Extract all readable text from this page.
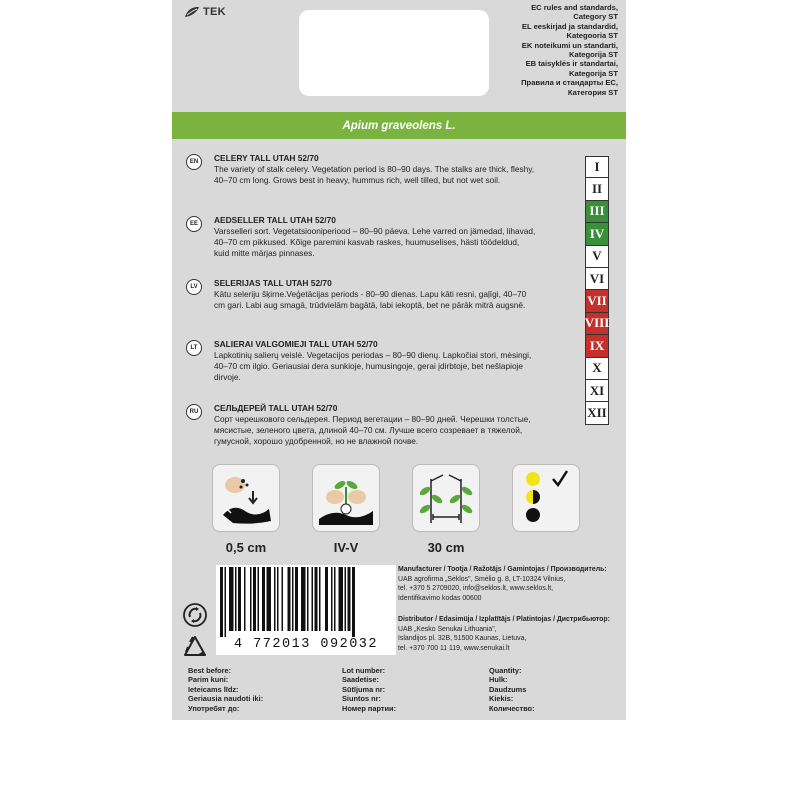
TEK	EC rules and standards,
Category ST
EL eeskirjad ja standardid,
Kategooria ST
EK noteikumi un standarti,
Kategorija ST
EB taisyklės ir standartai,
Kategorija ST
Правила и стандарты ЕС,
Категория ST
Apium graveolens L.
EN	CELERY TALL UTAH 52/70
The variety of stalk celery. Vegetation period is 80–90 days. The stalks are thick, fleshy,
40–70 cm long. Grows best in heavy, hummus rich, well tilled, but not wet soil.
EE	AEDSELLER TALL UTAH 52/70
Varsselleri sort. Vegetatsiooniperiood – 80–90 päeva. Lehe varred on jämedad, lihavad,
40–70 cm pikkused. Kõige paremini kasvab raskes, huumuselises, hästi töödeldud,
kuid mitte märjas pinnases.
LV	SELERIJAS TALL UTAH 52/70
Kātu seleriju šķirne.Veģetācijas periods - 80–90 dienas. Lapu kāti resni, gaļīgi, 40–70
cm gari. Labi aug smagā, trūdvielām bagātā, labi iekoptā, bet ne pārāk mitrā augsnē.
LT	SALIERAI VALGOMIEJI TALL UTAH 52/70
Lapkotinių salierų veislė. Vegetacijos periodas – 80–90 dienų. Lapkočiai stori, mėsingi,
40–70 cm ilgio. Geriausiai dera sunkioje, humusingoje, gerai įdirbtoje, bet nešlapioje
dirvoje.
RU	СЕЛЬДЕРЕЙ TALL UTAH 52/70
Сорт черешкового сельдерея. Период вегетации – 80–90 дней. Черешки толстые,
мясистые, зеленого цвета, длиной 40–70 см. Лучше всего созревает в тяжелой,
гумусной, хорошо удобренной, но не влажной почве.
I
II
III
IV
V
VI
VII
VIII
IX
X
XI
XII
0,5 cm	IV-V	30 cm
4 772013 092032
Manufacturer / Tootja / Ražotājs / Gamintojas / Производитель:
UAB agrofirma „Sėklos", Smėlio g. 8, LT-10324 Vilnius,
tel. +370 5 2709020, info@seklos.lt, www.seklos.lt,
Identifikavimo kodas 00600
Distributor / Edasimüja / Izplatītājs / Platintojas / Дистрибьютор:
UAB „Kesko Senukai Lithuania",
Islandijos pl. 32B, 51500 Kaunas, Lietuva,
tel. +370 700 11 119, www.senukai.lt
Best before:
Parim kuni:
Ieteicams līdz:
Geriausia naudoti iki:
Употребят до:
Lot number:
Saadetise:
Sūtījuma nr:
Siuntos nr:
Номер партии:
Quantity:
Hulk:
Daudzums
Kiekis:
Количество:
